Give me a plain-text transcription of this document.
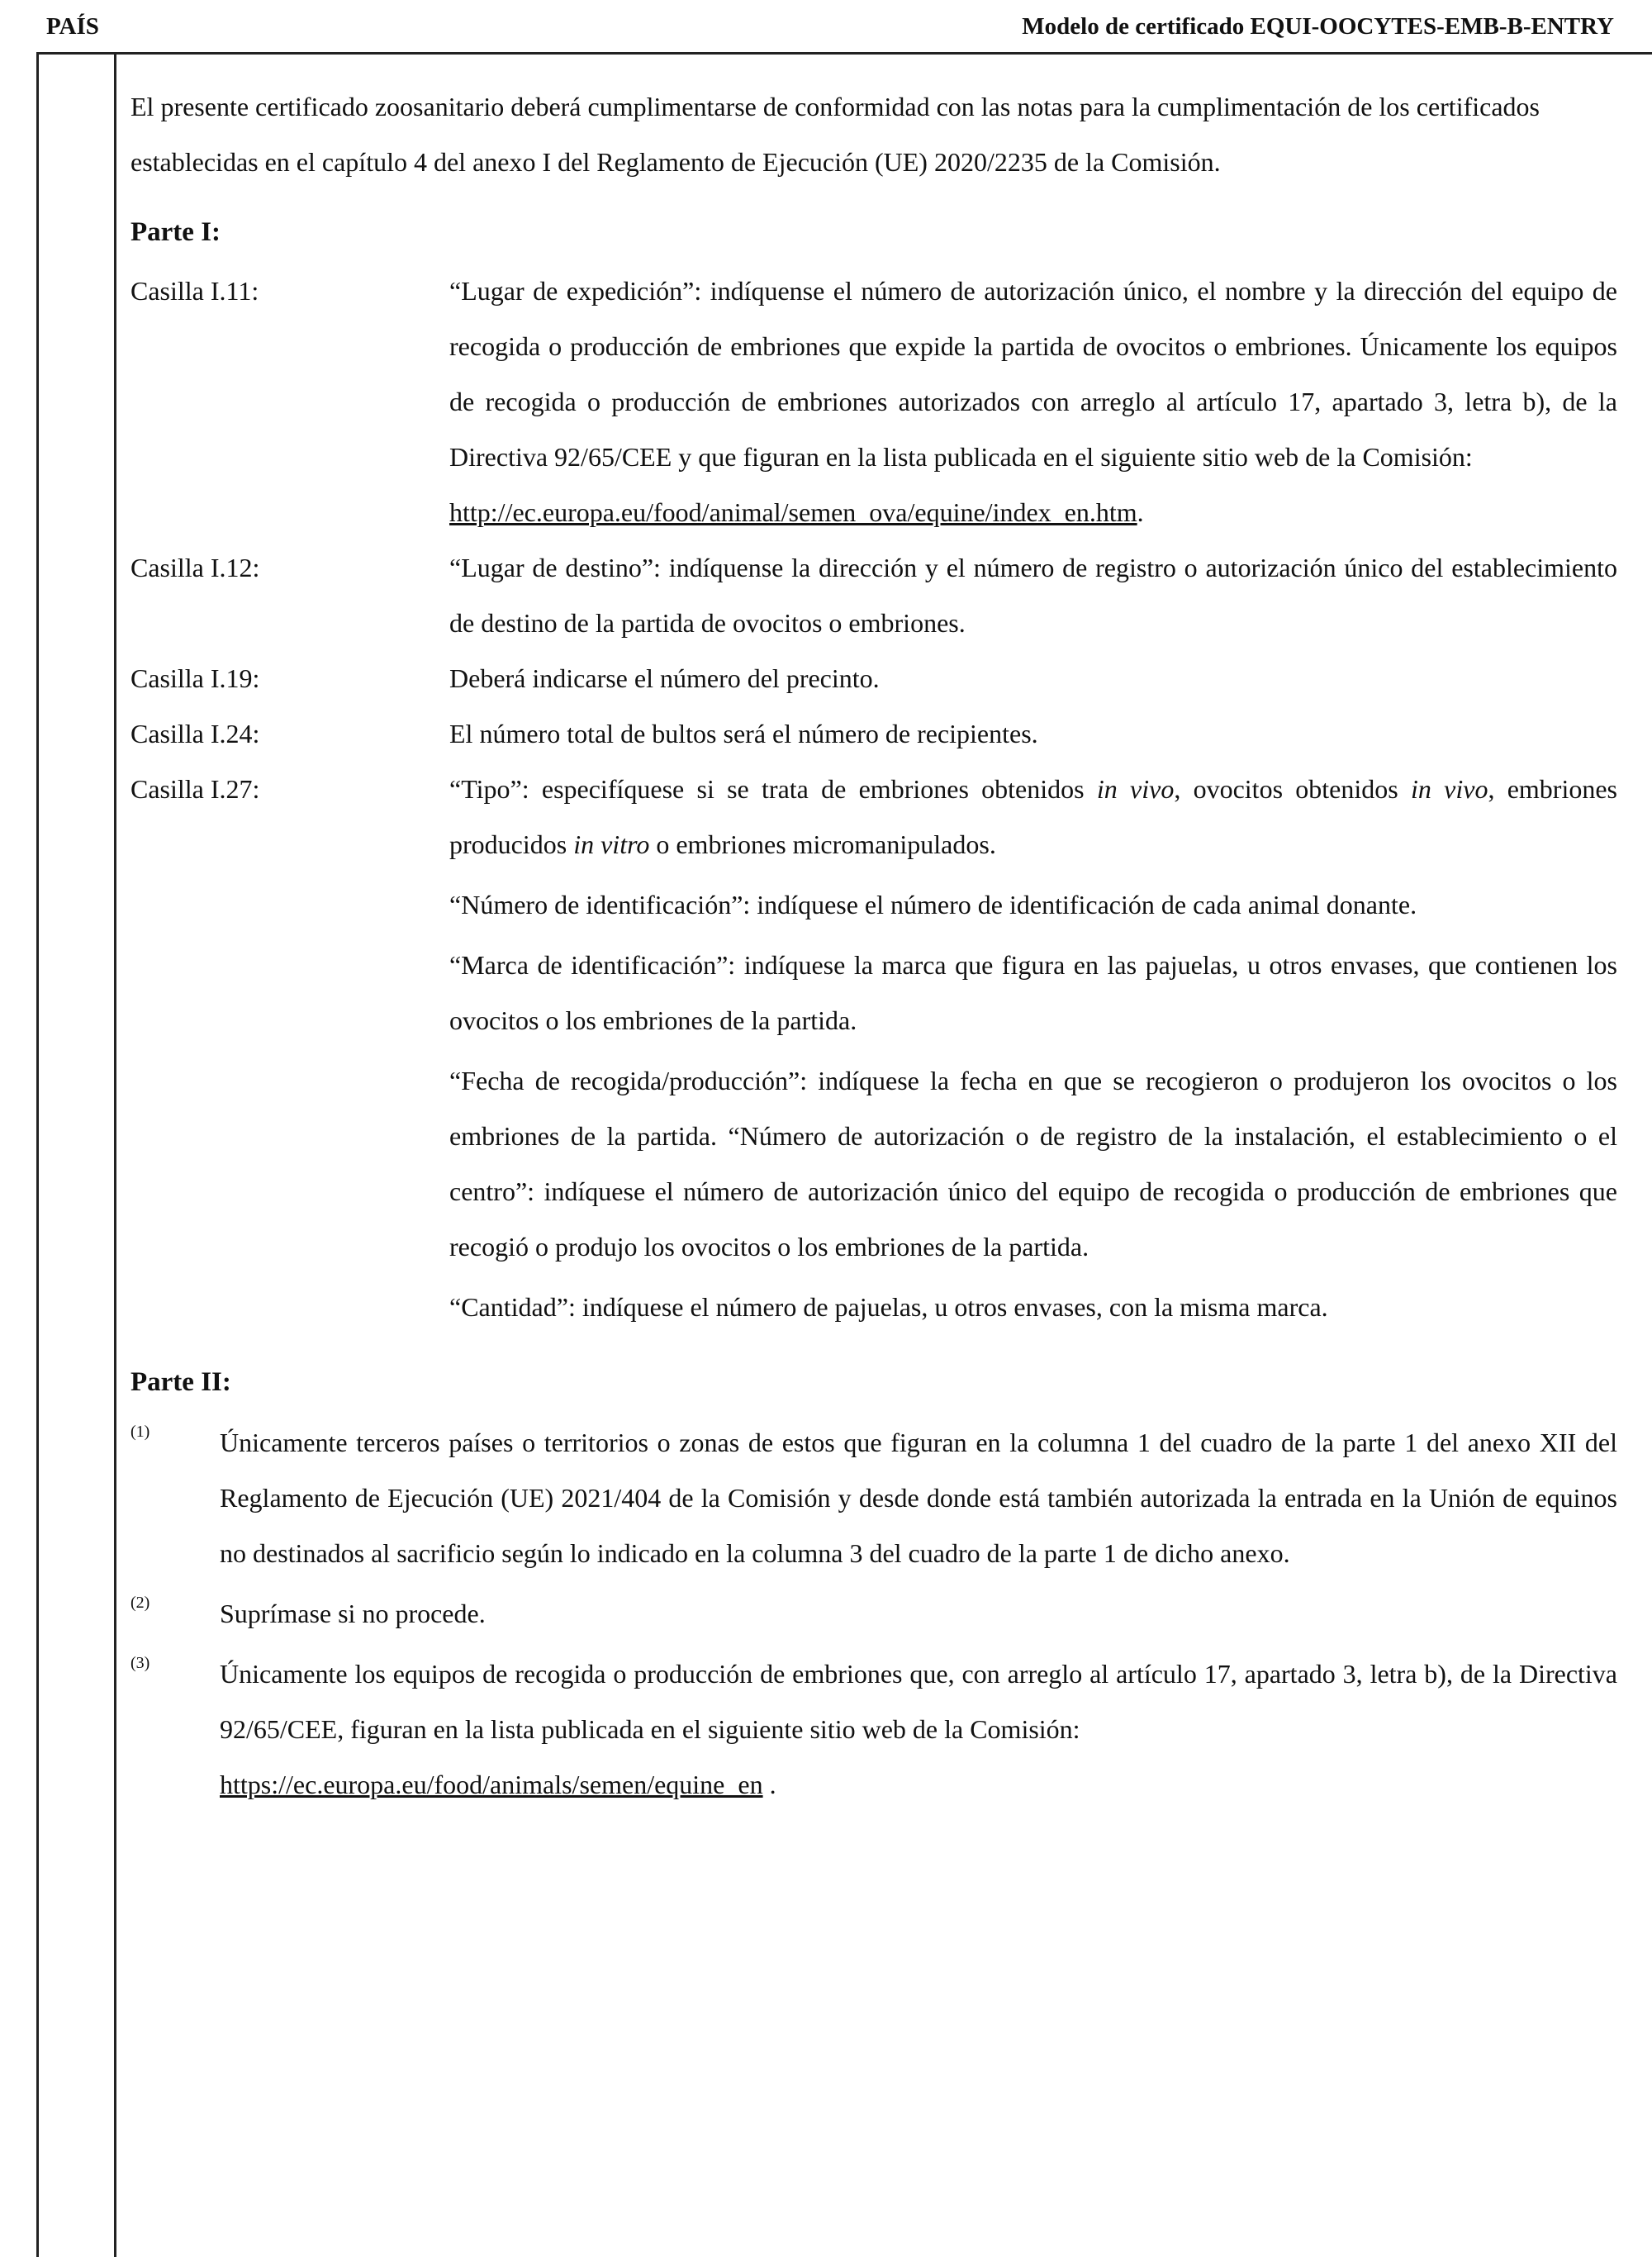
PAÍS	Modelo de certificado EQUI-OOCYTES-EMB-B-ENTRY

El presente certificado zoosanitario deberá cumplimentarse de conformidad con las notas para la cumplimentación de los certificados establecidas en el capítulo 4 del anexo I del Reglamento de Ejecución (UE) 2020/2235 de la Comisión.

Parte I:
Casilla I.11:	“Lugar de expedición”: indíquense el número de autorización único, el nombre y la dirección del equipo de recogida o producción de embriones que expide la partida de ovocitos o embriones. Únicamente los equipos de recogida o producción de embriones autorizados con arreglo al artículo 17, apartado 3, letra b), de la Directiva 92/65/CEE y que figuran en la lista publicada en el siguiente sitio web de la Comisión:
http://ec.europa.eu/food/animal/semen_ova/equine/index_en.htm.
Casilla I.12:	“Lugar de destino”: indíquense la dirección y el número de registro o autorización único del establecimiento de destino de la partida de ovocitos o embriones.
Casilla I.19:	Deberá indicarse el número del precinto.
Casilla I.24:	El número total de bultos será el número de recipientes.
Casilla I.27:	“Tipo”: especifíquese si se trata de embriones obtenidos in vivo, ovocitos obtenidos in vivo, embriones producidos in vitro o embriones micromanipulados.

“Número de identificación”: indíquese el número de identificación de cada animal donante.

“Marca de identificación”: indíquese la marca que figura en las pajuelas, u otros envases, que contienen los ovocitos o los embriones de la partida.

“Fecha de recogida/producción”: indíquese la fecha en que se recogieron o produjeron los ovocitos o los embriones de la partida. “Número de autorización o de registro de la instalación, el establecimiento o el centro”: indíquese el número de autorización único del equipo de recogida o producción de embriones que recogió o produjo los ovocitos o los embriones de la partida.

“Cantidad”: indíquese el número de pajuelas, u otros envases, con la misma marca.

Parte II:
(1)	Únicamente terceros países o territorios o zonas de estos que figuran en la columna 1 del cuadro de la parte 1 del anexo XII del Reglamento de Ejecución (UE) 2021/404 de la Comisión y desde donde está también autorizada la entrada en la Unión de equinos no destinados al sacrificio según lo indicado en la columna 3 del cuadro de la parte 1 de dicho anexo.
(2)	Suprímase si no procede.
(3)	Únicamente los equipos de recogida o producción de embriones que, con arreglo al artículo 17, apartado 3, letra b), de la Directiva 92/65/CEE, figuran en la lista publicada en el siguiente sitio web de la Comisión:
https://ec.europa.eu/food/animals/semen/equine_en .
